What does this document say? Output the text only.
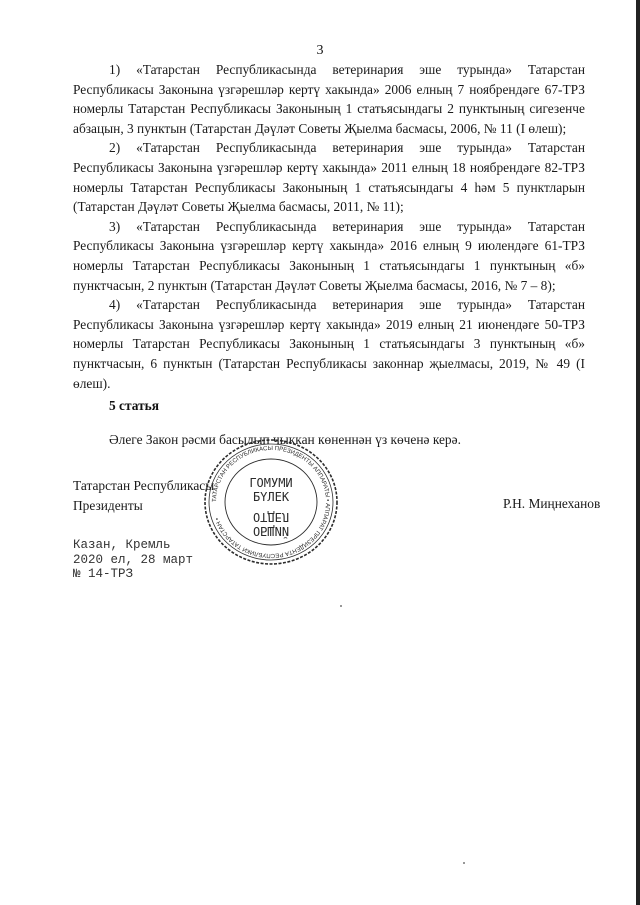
3

1) «Татарстан Республикасында ветеринария эше турында» Татарстан Республикасы Законына үзгәрешләр кертү хакында» 2006 елның 7 ноябрендәге 67-ТРЗ номерлы Татарстан Республикасы Законының 1 статьясындагы 2 пунктының сигезенче абзацын, 3 пунктын (Татарстан Дәүләт Советы Җыелма басмасы, 2006, № 11 (I өлеш);

2) «Татарстан Республикасында ветеринария эше турында» Татарстан Республикасы Законына үзгәрешләр кертү хакында» 2011 елның 18 ноябрендәге 82-ТРЗ номерлы Татарстан Республикасы Законының 1 статьясындагы 4 һәм 5 пунктларын (Татарстан Дәүләт Советы Җыелма басмасы, 2011, № 11);

3) «Татарстан Республикасында ветеринария эше турында» Татарстан Республикасы Законына үзгәрешләр кертү хакында» 2016 елның 9 июлендәге 61-ТРЗ номерлы Татарстан Республикасы Законының 1 статьясындагы 1 пунктының «б» пунктчасын, 2 пунктын (Татарстан Дәүләт Советы Җыелма басмасы, 2016, № 7 – 8);

4) «Татарстан Республикасында ветеринария эше турында» Татарстан Республикасы Законына үзгәрешләр кертү хакында» 2019 елның 21 июнендәге 50-ТРЗ номерлы Татарстан Республикасы Законының 1 статьясындагы 3 пунктының «б» пунктчасын, 6 пунктын (Татарстан Республикасы законнар җыелмасы, 2019, № 49 (I өлеш).

5 статья
Әлеге Закон рәсми басылып чыккан көненнән үз көченә керә.
Татарстан Республикасы
Президенты	Р.Н. Миңнеханов
Казан, Кремль
2020 ел, 28 март
№ 14-ТРЗ
ТАТАРСТАН РЕСПУБЛИКАСЫ ПРЕЗИДЕНТЫ АППАРАТЫ • АППАРАТ ПРЕЗИДЕНТА РЕСПУБЛИКИ ТАТАРСТАН •
ГОМУМИ
БҮЛЕК
ОТДЕЛ
ОБЩИЙ
